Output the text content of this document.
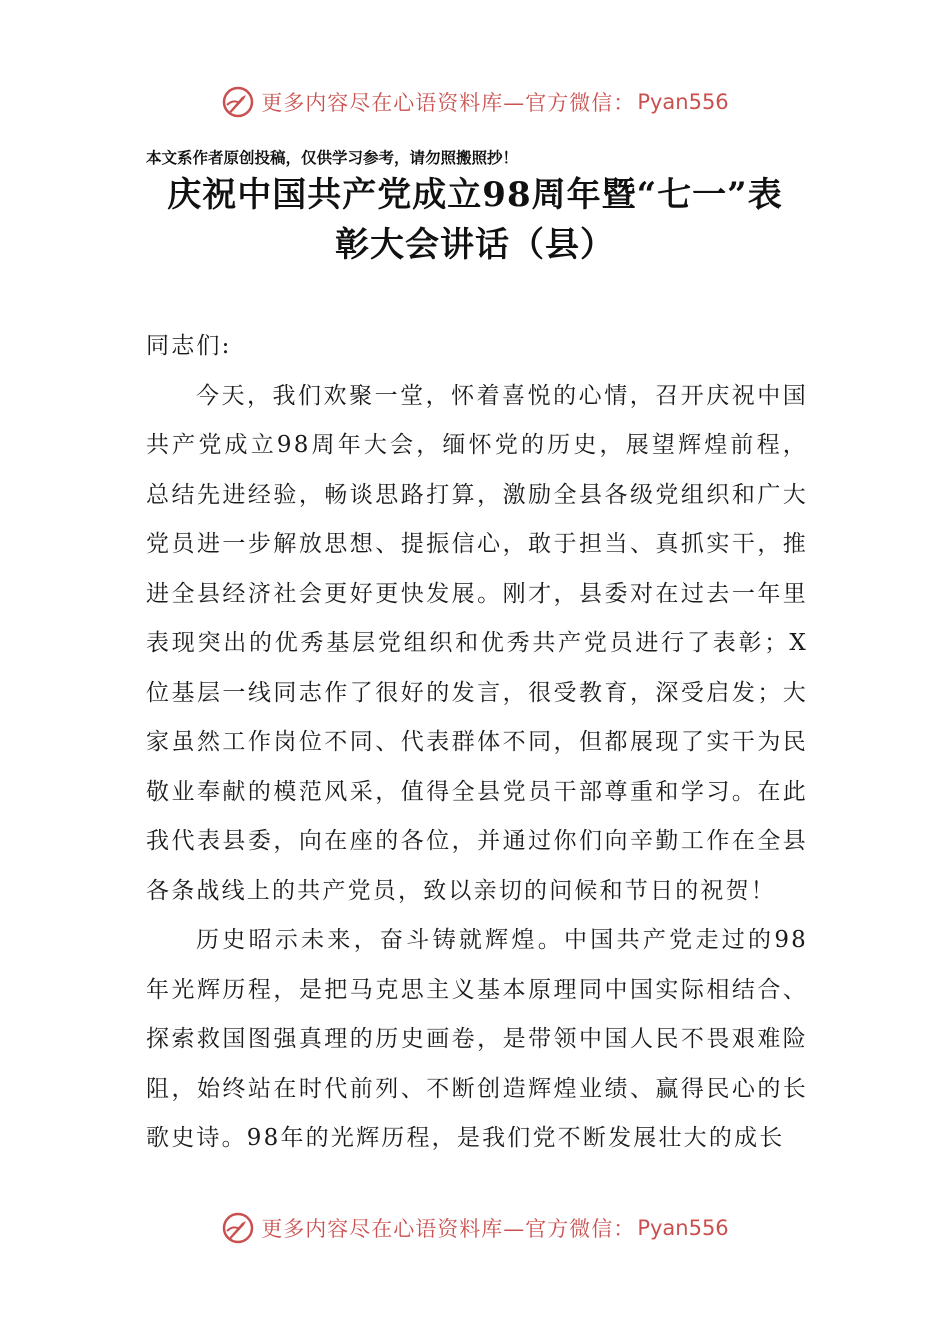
更多内容尽在心语资料库—官方微信： Pyan556
本文系作者原创投稿，仅供学习参考，请勿照搬照抄！
庆祝中国共产党成立98周年暨“七一”表
彰大会讲话（县）

同志们:

今天，我们欢聚一堂，怀着喜悦的心情，召开庆祝中国共产党成立98周年大会，缅怀党的历史，展望辉煌前程，总结先进经验，畅谈思路打算，激励全县各级党组织和广大党员进一步解放思想、提振信心，敢于担当、真抓实干，推进全县经济社会更好更快发展。刚才，县委对在过去一年里表现突出的优秀基层党组织和优秀共产党员进行了表彰；X位基层一线同志作了很好的发言，很受教育，深受启发；大家虽然工作岗位不同、代表群体不同，但都展现了实干为民敬业奉献的模范风采，值得全县党员干部尊重和学习。在此我代表县委，向在座的各位，并通过你们向辛勤工作在全县各条战线上的共产党员，致以亲切的问候和节日的祝贺！

历史昭示未来，奋斗铸就辉煌。中国共产党走过的98年光辉历程，是把马克思主义基本原理同中国实际相结合、探索救国图强真理的历史画卷，是带领中国人民不畏艰难险阻，始终站在时代前列、不断创造辉煌业绩、赢得民心的长歌史诗。98年的光辉历程，是我们党不断发展壮大的成长

更多内容尽在心语资料库—官方微信： Pyan556
